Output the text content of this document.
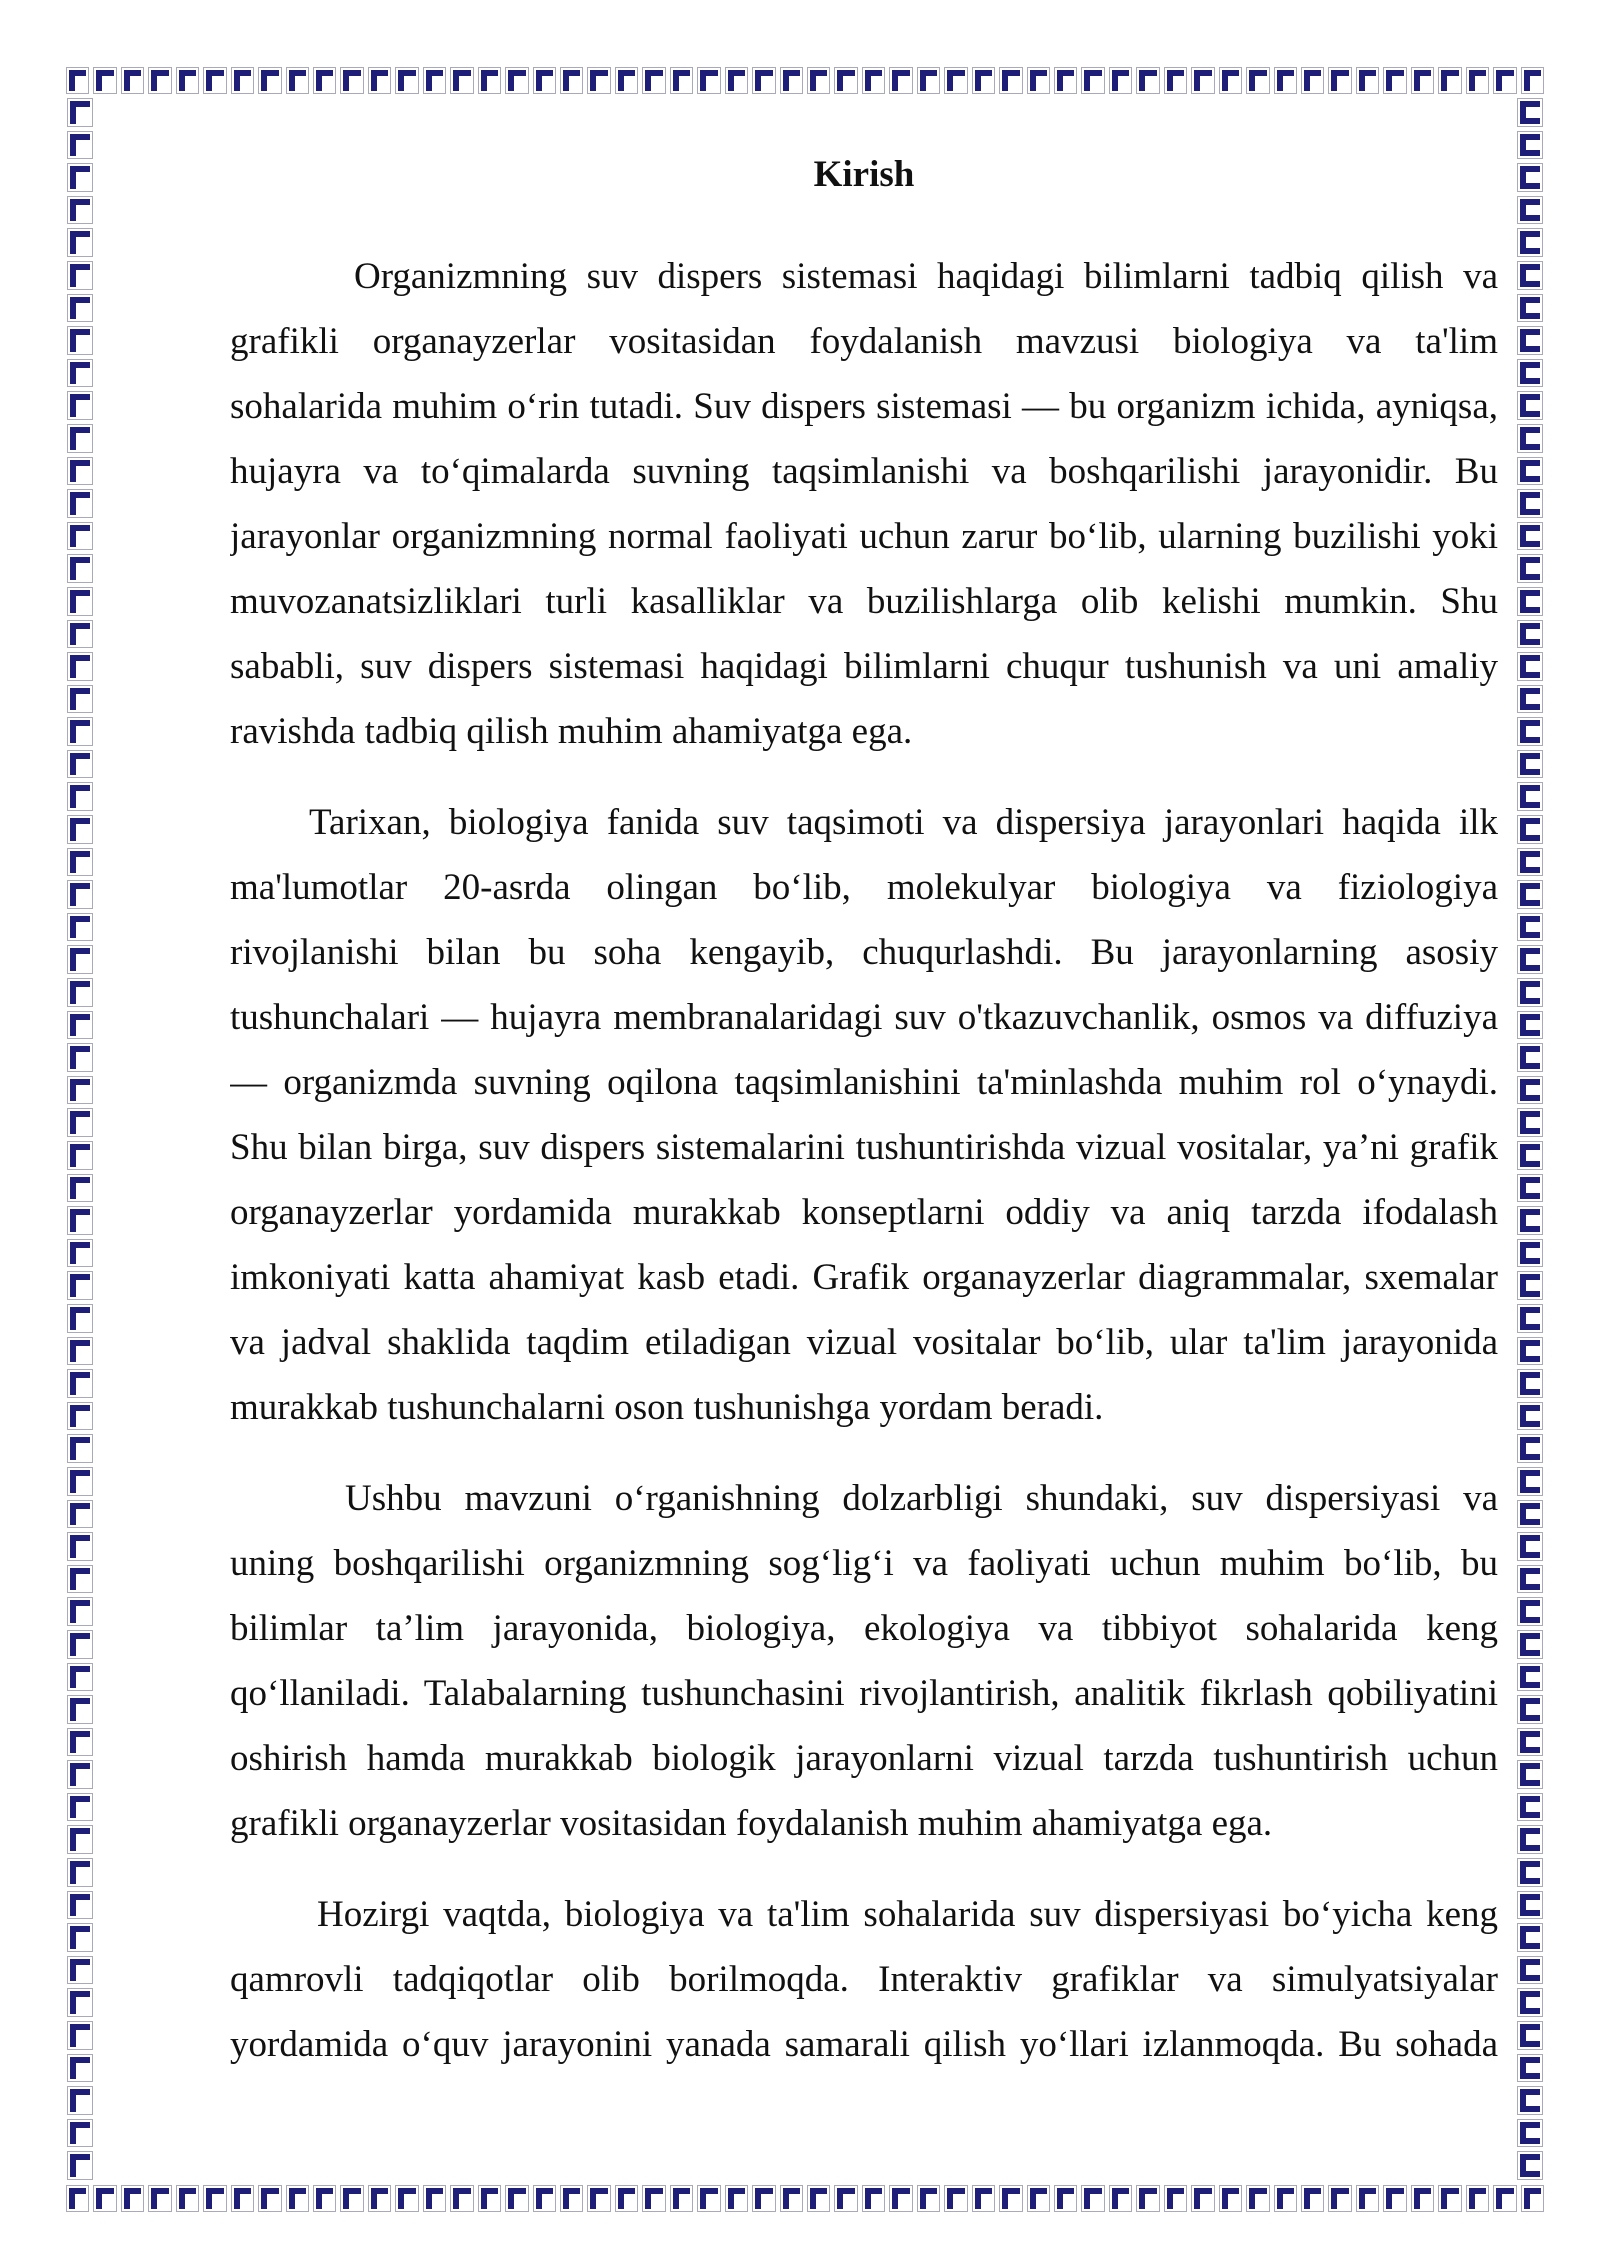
Kirish
Organizmning suv dispers sistemasi haqidagi bilimlarni tadbiq qilish va
grafikli organayzerlar vositasidan foydalanish mavzusi biologiya va ta'lim
sohalarida muhim o‘rin tutadi. Suv dispers sistemasi — bu organizm ichida, ayniqsa,
hujayra va to‘qimalarda suvning taqsimlanishi va boshqarilishi jarayonidir. Bu
jarayonlar organizmning normal faoliyati uchun zarur bo‘lib, ularning buzilishi yoki
muvozanatsizliklari turli kasalliklar va buzilishlarga olib kelishi mumkin. Shu
sababli, suv dispers sistemasi haqidagi bilimlarni chuqur tushunish va uni amaliy
ravishda tadbiq qilish muhim ahamiyatga ega.
Tarixan, biologiya fanida suv taqsimoti va dispersiya jarayonlari haqida ilk
ma'lumotlar 20-asrda olingan bo‘lib, molekulyar biologiya va fiziologiya
rivojlanishi bilan bu soha kengayib, chuqurlashdi. Bu jarayonlarning asosiy
tushunchalari — hujayra membranalaridagi suv o'tkazuvchanlik, osmos va diffuziya
— organizmda suvning oqilona taqsimlanishini ta'minlashda muhim rol o‘ynaydi.
Shu bilan birga, suv dispers sistemalarini tushuntirishda vizual vositalar, ya’ni grafik
organayzerlar yordamida murakkab konseptlarni oddiy va aniq tarzda ifodalash
imkoniyati katta ahamiyat kasb etadi. Grafik organayzerlar diagrammalar, sxemalar
va jadval shaklida taqdim etiladigan vizual vositalar bo‘lib, ular ta'lim jarayonida
murakkab tushunchalarni oson tushunishga yordam beradi.
Ushbu mavzuni o‘rganishning dolzarbligi shundaki, suv dispersiyasi va
uning boshqarilishi organizmning sog‘lig‘i va faoliyati uchun muhim bo‘lib, bu
bilimlar ta’lim jarayonida, biologiya, ekologiya va tibbiyot sohalarida keng
qo‘llaniladi. Talabalarning tushunchasini rivojlantirish, analitik fikrlash qobiliyatini
oshirish hamda murakkab biologik jarayonlarni vizual tarzda tushuntirish uchun
grafikli organayzerlar vositasidan foydalanish muhim ahamiyatga ega.
Hozirgi vaqtda, biologiya va ta'lim sohalarida suv dispersiyasi bo‘yicha keng
qamrovli tadqiqotlar olib borilmoqda. Interaktiv grafiklar va simulyatsiyalar
yordamida o‘quv jarayonini yanada samarali qilish yo‘llari izlanmoqda. Bu sohada
